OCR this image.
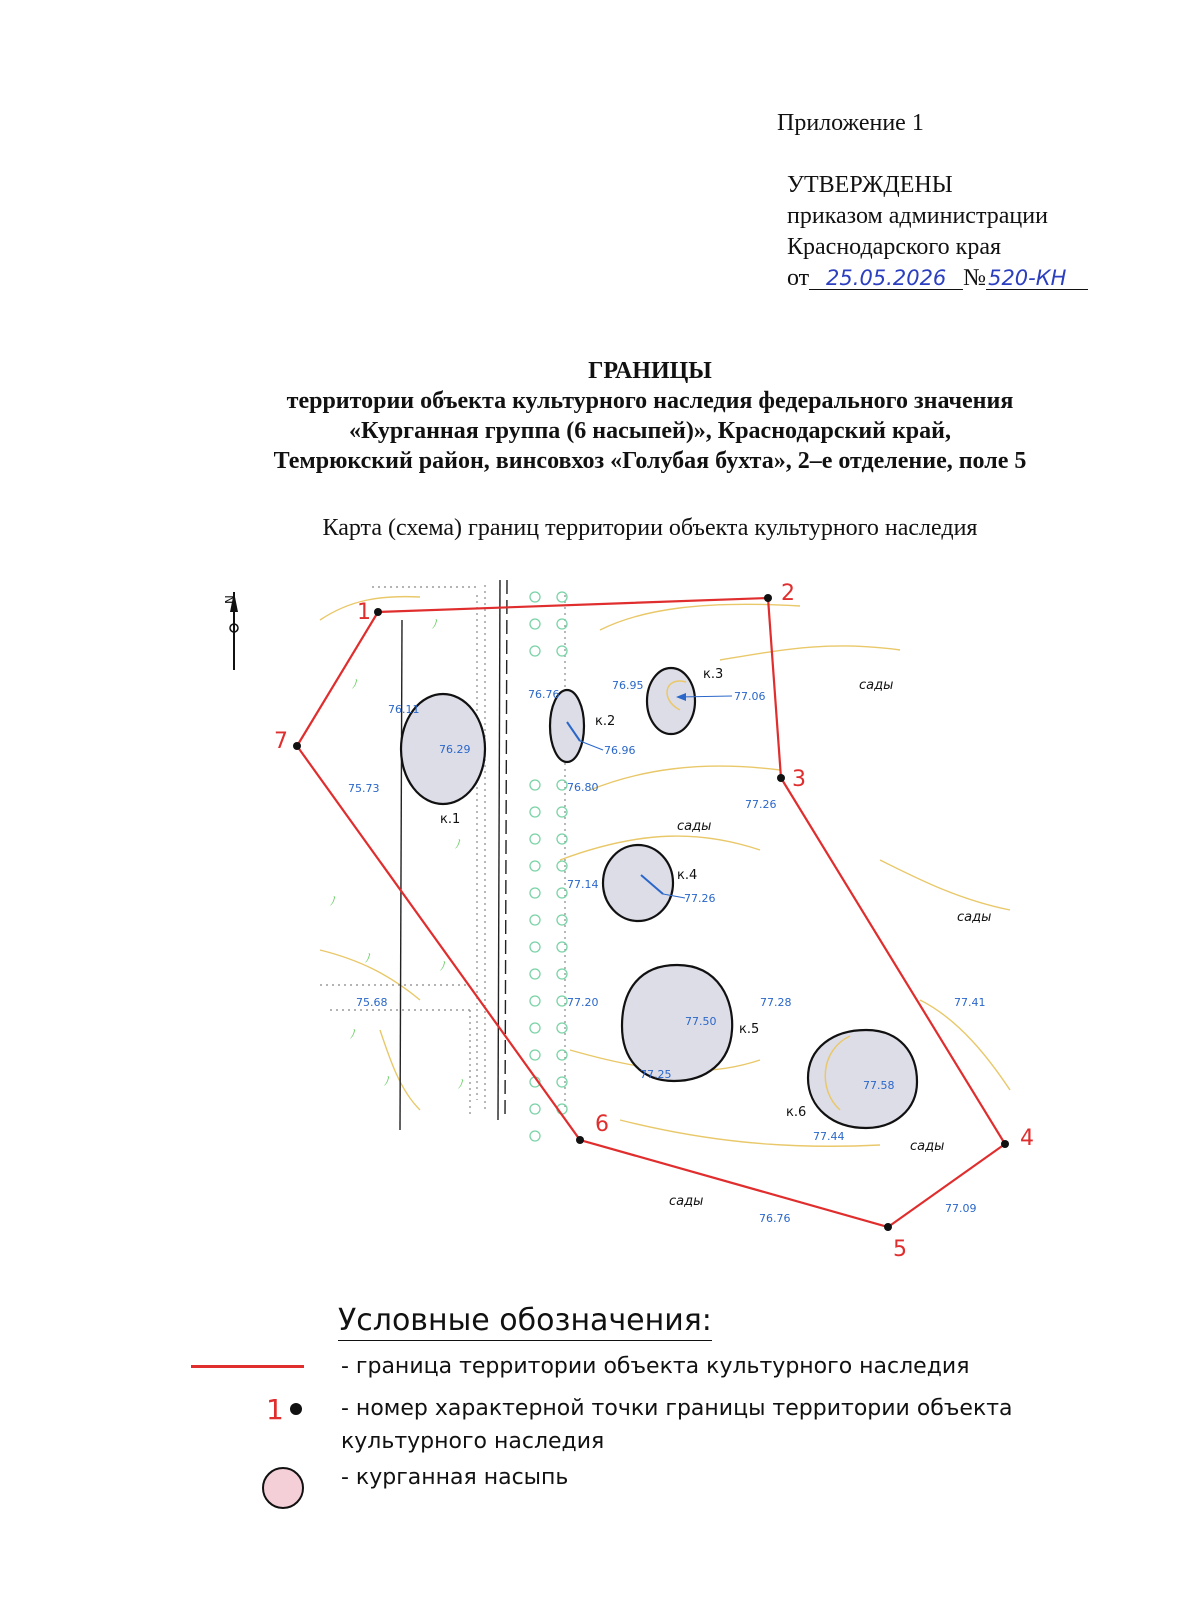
Приложение 1
УТВЕРЖДЕНЫ
приказом администрации
Краснодарского края
от 25.05.2026 №520-КН
ГРАНИЦЫ
территории объекта культурного наследия федерального значения
«Курганная группа (6 насыпей)», Краснодарский край,
Темрюкский район, винсовхоз «Голубая бухта», 2–е отделение, поле 5
Карта (схема) границ территории объекта культурного наследия
N
ﾉ
ﾉ
ﾉ
ﾉ
ﾉ
ﾉ
ﾉ
ﾉ
ﾉ
к.1
к.2
к.3
к.4
к.5
к.6
76.29	76.96
77.06
77.26
77.50
77.58
76.11
75.73
76.76
76.80
76.95
77.26
77.14
77.20	77.28
77.25
75.68	77.41
77.44
77.09
76.76
сады
сады
сады
сады
сады
1
2
3
4
5
6
7
Условные обозначения:
- граница территории объекта культурного наследия
1	- номер характерной точки границы территории объекта
культурного наследия
- курганная насыпь
